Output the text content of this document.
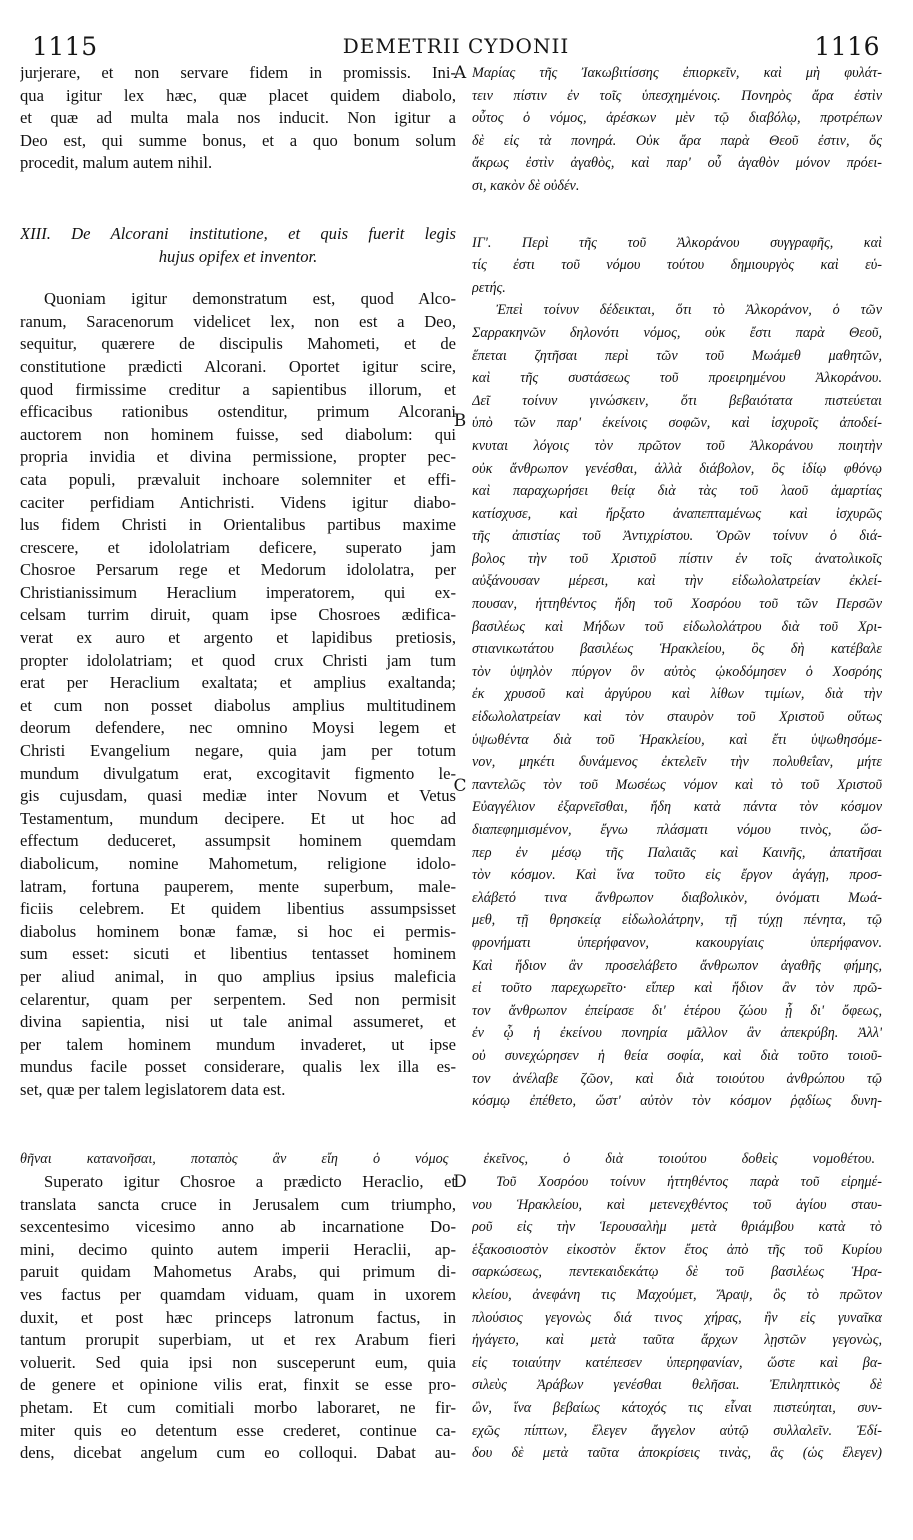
1115	DEMETRII CYDONII	1116
jurjerare, et non servare fidem in promissis. Ini-
qua igitur lex hæc, quæ placet quidem diabolo,
et quæ ad multa mala nos inducit. Non igitur a
Deo est, qui summe bonus, et a quo bonum solum
procedit, malum autem nihil.
XIII. De Alcorani institutione, et quis fuerit legis
hujus opifex et inventor.
Quoniam igitur demonstratum est, quod Alco-
ranum, Saracenorum videlicet lex, non est a Deo,
sequitur, quærere de discipulis Mahometi, et de
constitutione prædicti Alcorani. Oportet igitur scire,
quod firmissime creditur a sapientibus illorum, et
efficacibus rationibus ostenditur, primum Alcorani
auctorem non hominem fuisse, sed diabolum: qui
propria invidia et divina permissione, propter pec-
cata populi, prævaluit inchoare solemniter et effi-
caciter perfidiam Antichristi. Videns igitur diabo-
lus fidem Christi in Orientalibus partibus maxime
crescere, et idololatriam deficere, superato jam
Chosroe Persarum rege et Medorum idololatra, per
Christianissimum Heraclium imperatorem, qui ex-
celsam turrim diruit, quam ipse Chosroes ædifica-
verat ex auro et argento et lapidibus pretiosis,
propter idololatriam; et quod crux Christi jam tum
erat per Heraclium exaltata; et amplius exaltanda;
et cum non posset diabolus amplius multitudinem
deorum defendere, nec omnino Moysi legem et
Christi Evangelium negare, quia jam per totum
mundum divulgatum erat, excogitavit figmento le-
gis cujusdam, quasi mediæ inter Novum et Vetus
Testamentum, mundum decipere. Et ut hoc ad
effectum deduceret, assumpsit hominem quemdam
diabolicum, nomine Mahometum, religione idolo-
latram, fortuna pauperem, mente superbum, male-
ficiis celebrem. Et quidem libentius assumpsisset
diabolus hominem bonæ famæ, si hoc ei permis-
sum esset: sicuti et libentius tentasset hominem
per aliud animal, in quo amplius ipsius maleficia
celarentur, quam per serpentem. Sed non permisit
divina sapientia, nisi ut tale animal assumeret, et
per talem hominem mundum invaderet, ut ipse
mundus facile posset considerare, qualis lex illa es-
set, quæ per talem legislatorem data est.
Μαρίας τῆς Ἰακωβιτίσσης ἐπιορκεῖν, καὶ μὴ φυλάτ-
τειν πίστιν ἐν τοῖς ὑπεσχημένοις. Πονηρὸς ἄρα ἐστὶν
οὗτος ὁ νόμος, ἀρέσκων μὲν τῷ διαβόλῳ, προτρέπων
δὲ εἰς τὰ πονηρά. Οὐκ ἄρα παρὰ Θεοῦ ἐστιν, ὅς
ἄκρως ἐστὶν ἀγαθὸς, καὶ παρ' οὗ ἀγαθὸν μόνον πρόει-
σι, κακὸν δὲ οὐδέν.
ΙΓ'. Περὶ τῆς τοῦ Ἀλκοράνου συγγραφῆς, καὶ
τίς ἐστι τοῦ νόμου τούτου δημιουργὸς καὶ εὑ-
ρετής.
Ἐπεὶ τοίνυν δέδεικται, ὅτι τὸ Ἀλκοράνον, ὁ τῶν
Σαρρακηνῶν δηλονότι νόμος, οὐκ ἔστι παρὰ Θεοῦ,
ἕπεται ζητῆσαι περὶ τῶν τοῦ Μωάμεθ μαθητῶν,
καὶ τῆς συστάσεως τοῦ προειρημένου Ἀλκοράνου.
Δεῖ τοίνυν γινώσκειν, ὅτι βεβαιότατα πιστεύεται
ὑπὸ τῶν παρ' ἐκείνοις σοφῶν, καὶ ἰσχυροῖς ἀποδεί-
κνυται λόγοις τὸν πρῶτον τοῦ Ἀλκοράνου ποιητὴν
οὐκ ἄνθρωπον γενέσθαι, ἀλλὰ διάβολον, ὃς ἰδίῳ φθόνῳ
καὶ παραχωρήσει θείᾳ διὰ τὰς τοῦ λαοῦ ἁμαρτίας
κατίσχυσε, καὶ ἤρξατο ἀναπεπταμένως καὶ ἰσχυρῶς
τῆς ἀπιστίας τοῦ Ἀντιχρίστου. Ὁρῶν τοίνυν ὁ διά-
βολος τὴν τοῦ Χριστοῦ πίστιν ἐν τοῖς ἀνατολικοῖς
αὐξάνουσαν μέρεσι, καὶ τὴν εἰδωλολατρείαν ἐκλεί-
πουσαν, ἡττηθέντος ἤδη τοῦ Χοσρόου τοῦ τῶν Περσῶν
βασιλέως καὶ Μήδων τοῦ εἰδωλολάτρου διὰ τοῦ Χρι-
στιανικωτάτου βασιλέως Ἡρακλείου, ὃς δὴ κατέβαλε
τὸν ὑψηλὸν πύργον ὃν αὐτὸς ᾠκοδόμησεν ὁ Χοσρόης
ἐκ χρυσοῦ καὶ ἀργύρου καὶ λίθων τιμίων, διὰ τὴν
εἰδωλολατρείαν καὶ τὸν σταυρὸν τοῦ Χριστοῦ οὕτως
ὑψωθέντα διὰ τοῦ Ἡρακλείου, καὶ ἔτι ὑψωθησόμε-
νον, μηκέτι δυνάμενος ἐκτελεῖν τὴν πολυθεΐαν, μήτε
παντελῶς τὸν τοῦ Μωσέως νόμον καὶ τὸ τοῦ Χριστοῦ
Εὐαγγέλιον ἐξαρνεῖσθαι, ἤδη κατὰ πάντα τὸν κόσμον
διαπεφημισμένον, ἔγνω πλάσματι νόμου τινὸς, ὥσ-
περ ἐν μέσῳ τῆς Παλαιᾶς καὶ Καινῆς, ἀπατῆσαι
τὸν κόσμον. Καὶ ἵνα τοῦτο εἰς ἔργον ἀγάγῃ, προσ-
ελάβετό τινα ἄνθρωπον διαβολικὸν, ὀνόματι Μωά-
μεθ, τῇ θρησκείᾳ εἰδωλολάτρην, τῇ τύχῃ πένητα, τῷ
φρονήματι ὑπερήφανον, κακουργίαις ὑπερήφανον.
Καὶ ἥδιον ἂν προσελάβετο ἄνθρωπον ἀγαθῆς φήμης,
εἰ τοῦτο παρεχωρεῖτο· εἴπερ καὶ ἥδιον ἂν τὸν πρῶ-
τον ἄνθρωπον ἐπείρασε δι' ἑτέρου ζώου ᾗ δι' ὄφεως,
ἐν ᾧ ἡ ἐκείνου πονηρία μᾶλλον ἂν ἀπεκρύβη. Ἀλλ'
οὐ συνεχώρησεν ἡ θεία σοφία, καὶ διὰ τοῦτο τοιοῦ-
τον ἀνέλαβε ζῶον, καὶ διὰ τοιούτου ἀνθρώπου τῷ
κόσμῳ ἐπέθετο, ὥστ' αὐτὸν τὸν κόσμον ῥᾳδίως δυνη-
θῆναι κατανοῆσαι, ποταπὸς ἂν εἴη ὁ νόμος ἐκεῖνος, ὁ διὰ τοιούτου δοθεὶς νομοθέτου.
Superato igitur Chosroe a prædicto Heraclio, et
translata sancta cruce in Jerusalem cum triumpho,
sexcentesimo vicesimo anno ab incarnatione Do-
mini, decimo quinto autem imperii Heraclii, ap-
paruit quidam Mahometus Arabs, qui primum di-
ves factus per quamdam viduam, quam in uxorem
duxit, et post hæc princeps latronum factus, in
tantum prorupit superbiam, ut et rex Arabum fieri
voluerit. Sed quia ipsi non susceperunt eum, quia
de genere et opinione vilis erat, finxit se esse pro-
phetam. Et cum comitiali morbo laboraret, ne fir-
miter quis eo detentum esse crederet, continue ca-
dens, dicebat angelum cum eo colloqui. Dabat au-
Τοῦ Χοσρόου τοίνυν ἡττηθέντος παρὰ τοῦ εἰρημέ-
νου Ἡρακλείου, καὶ μετενεχθέντος τοῦ ἁγίου σταυ-
ροῦ εἰς τὴν Ἱερουσαλὴμ μετὰ θριάμβου κατὰ τὸ
ἑξακοσιοστὸν εἰκοστὸν ἕκτον ἔτος ἀπὸ τῆς τοῦ Κυρίου
σαρκώσεως, πεντεκαιδεκάτῳ δὲ τοῦ βασιλέως Ἡρα-
κλείου, ἀνεφάνη τις Μαχούμετ, Ἄραψ, ὃς τὸ πρῶτον
πλούσιος γεγονὼς διά τινος χήρας, ἣν εἰς γυναῖκα
ἠγάγετο, καὶ μετὰ ταῦτα ἄρχων λῃστῶν γεγονὼς,
εἰς τοιαύτην κατέπεσεν ὑπερηφανίαν, ὥστε καὶ βα-
σιλεὺς Ἀράβων γενέσθαι θελῆσαι. Ἐπιληπτικὸς δὲ
ὢν, ἵνα βεβαίως κάτοχός τις εἶναι πιστεύηται, συν-
εχῶς πίπτων, ἔλεγεν ἄγγελον αὐτῷ συλλαλεῖν. Ἐδί-
δου δὲ μετὰ ταῦτα ἀποκρίσεις τινὰς, ἃς (ὡς ἔλεγεν)
A
B
C
D
